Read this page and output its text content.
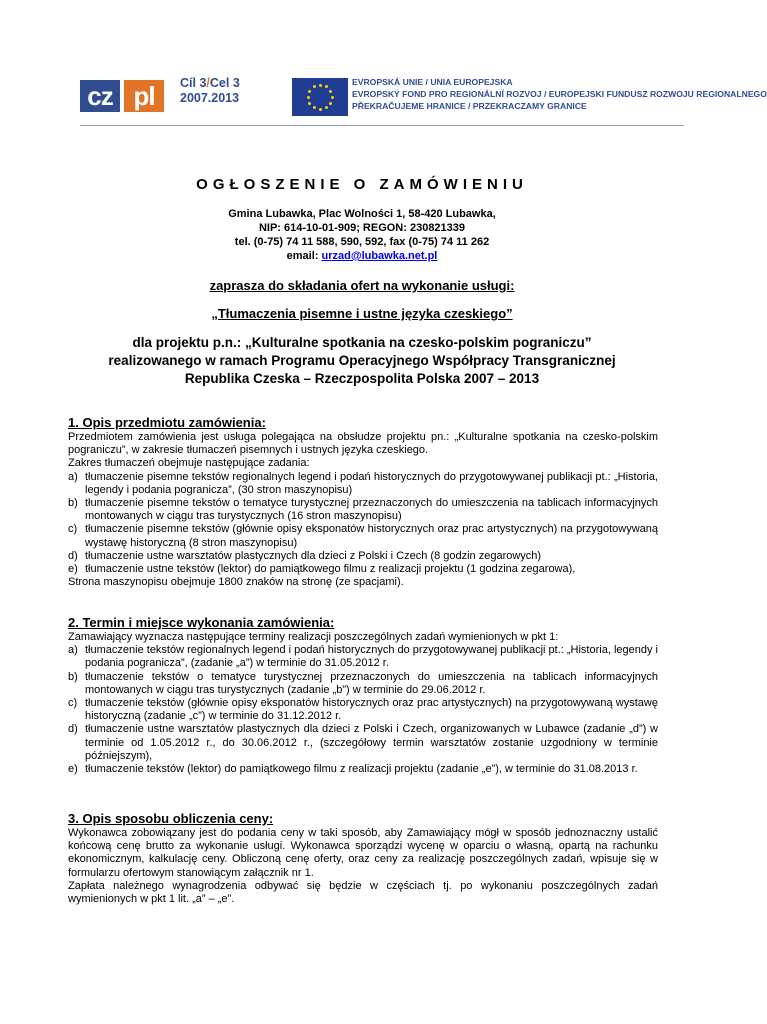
cz pl	Cíl 3/Cel 3
2007.2013
EVROPSKÁ UNIE / UNIA EUROPEJSKA
EVROPSKÝ FOND PRO REGIONÁLNÍ ROZVOJ / EUROPEJSKI FUNDUSZ ROZWOJU REGIONALNEGO
PŘEKRAČUJEME HRANICE / PRZEKRACZAMY GRANICE
OGŁOSZENIE O ZAMÓWIENIU
Gmina Lubawka, Plac Wolności 1, 58-420 Lubawka,
NIP: 614-10-01-909; REGON: 230821339
tel. (0-75) 74 11 588, 590, 592, fax (0-75) 74 11 262
email: urzad@lubawka.net.pl
zaprasza do składania ofert na wykonanie usługi:
„Tłumaczenia pisemne i ustne języka czeskiego”
dla projektu p.n.: „Kulturalne spotkania na czesko-polskim pograniczu”
realizowanego w ramach Programu Operacyjnego Współpracy Transgranicznej
Republika Czeska – Rzeczpospolita Polska 2007 – 2013
1. Opis przedmiotu zamówienia:
Przedmiotem zamówienia jest usługa polegająca na obsłudze projektu pn.: „Kulturalne spotkania na czesko-polskim pograniczu”, w zakresie tłumaczeń pisemnych i ustnych języka czeskiego.
Zakres tłumaczeń obejmuje następujące zadania:
a) tłumaczenie pisemne tekstów regionalnych legend i podań historycznych do przygotowywanej publikacji pt.: „Historia, legendy i podania pogranicza”, (30 stron maszynopisu)
b) tłumaczenie pisemne tekstów o tematyce turystycznej przeznaczonych do umieszczenia na tablicach informacyjnych montowanych w ciągu tras turystycznych (16 stron maszynopisu)
c) tłumaczenie pisemne tekstów (głównie opisy eksponatów historycznych oraz prac artystycznych) na przygotowywaną wystawę historyczną (8 stron maszynopisu)
d) tłumaczenie ustne warsztatów plastycznych dla dzieci z Polski i Czech (8 godzin zegarowych)
e) tłumaczenie ustne tekstów (lektor) do pamiątkowego filmu z realizacji projektu (1 godzina zegarowa),
Strona maszynopisu obejmuje 1800 znaków na stronę (ze spacjami).
2. Termin i miejsce wykonania zamówienia:
Zamawiający wyznacza następujące terminy realizacji poszczególnych zadań wymienionych w pkt 1:
a) tłumaczenie tekstów regionalnych legend i podań historycznych do przygotowywanej publikacji pt.: „Historia, legendy i podania pogranicza”, (zadanie „a”) w terminie do 31.05.2012 r.
b) tłumaczenie tekstów o tematyce turystycznej przeznaczonych do umieszczenia na tablicach informacyjnych montowanych w ciągu tras turystycznych (zadanie „b”) w terminie do 29.06.2012 r.
c) tłumaczenie tekstów (głównie opisy eksponatów historycznych oraz prac artystycznych) na przygotowywaną wystawę historyczną (zadanie „c”) w terminie do 31.12.2012 r.
d) tłumaczenie ustne warsztatów plastycznych dla dzieci z Polski i Czech, organizowanych w Lubawce (zadanie „d”) w terminie od 1.05.2012 r., do 30.06.2012 r., (szczegółowy termin warsztatów zostanie uzgodniony w terminie późniejszym),
e) tłumaczenie tekstów (lektor) do pamiątkowego filmu z realizacji projektu (zadanie „e”), w terminie do 31.08.2013 r.
3. Opis sposobu obliczenia ceny:
Wykonawca zobowiązany jest do podania ceny w taki sposób, aby Zamawiający mógł w sposób jednoznaczny ustalić końcową cenę brutto za wykonanie usługi. Wykonawca sporządzi wycenę w oparciu o własną, opartą na rachunku ekonomicznym, kalkulację ceny. Obliczoną cenę oferty, oraz ceny za realizację poszczególnych zadań, wpisuje się w formularzu ofertowym stanowiącym załącznik nr 1.
Zapłata należnego wynagrodzenia odbywać się będzie w częściach tj. po wykonaniu poszczególnych zadań wymienionych w pkt 1 lit. „a” – „e”.
